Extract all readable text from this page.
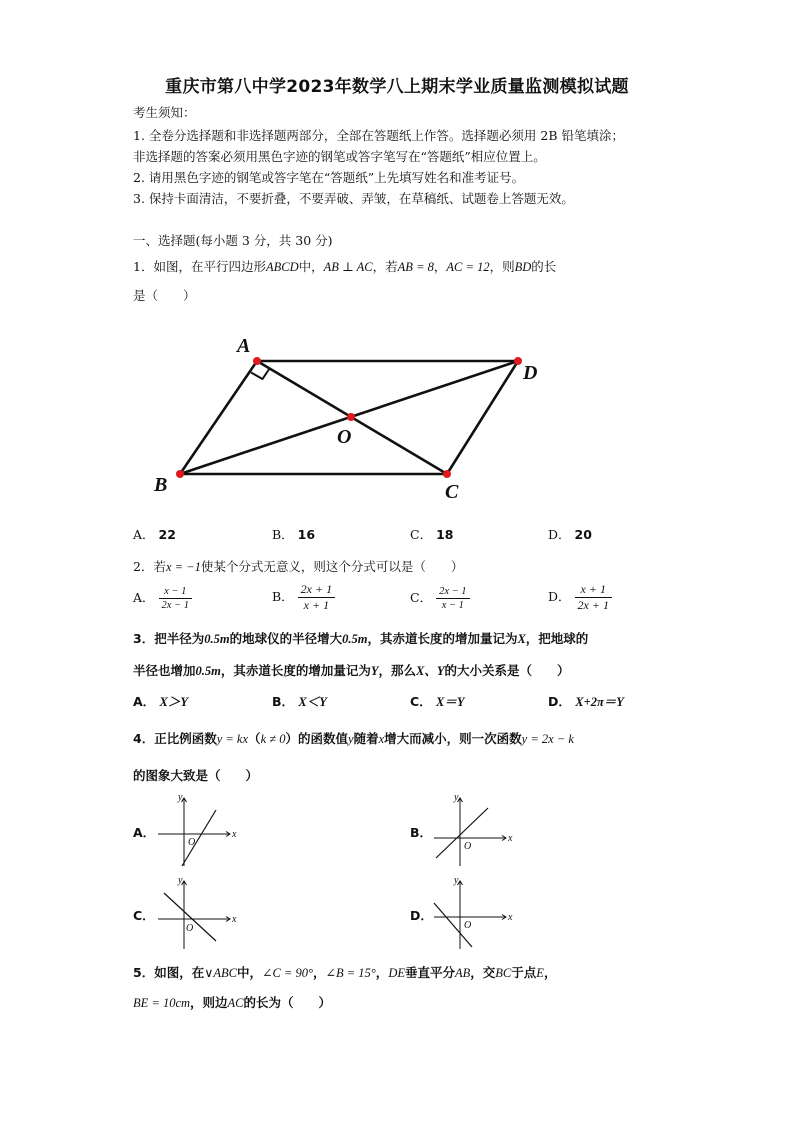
重庆市第八中学2023年数学八上期末学业质量监测模拟试题
考生须知：
1. 全卷分选择题和非选择题两部分，全部在答题纸上作答。选择题必须用 2B 铅笔填涂；
非选择题的答案必须用黑色字迹的钢笔或答字笔写在“答题纸”相应位置上。
2. 请用黑色字迹的钢笔或答字笔在“答题纸”上先填写姓名和准考证号。
3. 保持卡面清洁，不要折叠，不要弄破、弄皱，在草稿纸、试题卷上答题无效。
一、选择题(每小题 3 分，共 30 分)
1．如图，在平行四边形ABCD中，AB ⊥ AC，若AB = 8，AC = 12，则BD的长
是（　　）
A
D
B	C
O
A． 22	B． 16	C． 18	D． 20
2．若x = −1使某个分式无意义，则这个分式可以是（　　）
A． $\frac{x - 1}{2x - 1}$	B． $\frac{2x + 1}{x + 1}$	C． $\frac{2x - 1}{x - 1}$	D． $\frac{x + 1}{2x + 1}$
3．把半径为0.5m的地球仪的半径增大0.5m，其赤道长度的增加量记为X，把地球的
半径也增加0.5m，其赤道长度的增加量记为Y，那么X、Y的大小关系是（　　）
A． X＞Y	B． X＜Y	C． X＝Y	D． X+2π＝Y
4．正比例函数y = kx（k ≠ 0）的函数值y随着x增大而减小，则一次函数y = 2x − k
的图象大致是（　　）
A．	B．
C．	D．
x
y
O	x
y
O
x
y
O
x
y
O
5．如图，在∨ABC中，∠C = 90°，∠B = 15°，DE垂直平分AB，交BC于点E，
BE = 10cm，则边AC的长为（　　）
